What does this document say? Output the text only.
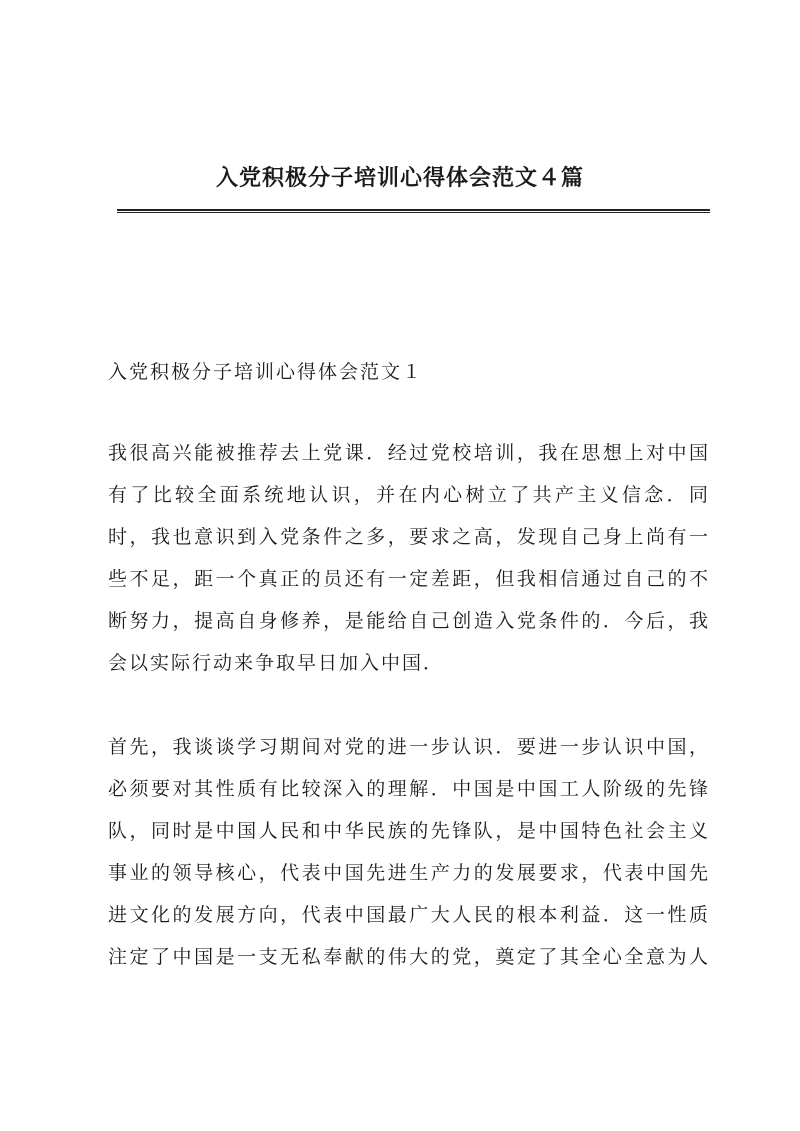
入党积极分子培训心得体会范文４篇
入党积极分子培训心得体会范文１
我很高兴能被推荐去上党课．经过党校培训，我在思想上对中国
有了比较全面系统地认识，并在内心树立了共产主义信念．同
时，我也意识到入党条件之多，要求之高，发现自己身上尚有一
些不足，距一个真正的员还有一定差距，但我相信通过自己的不
断努力，提高自身修养，是能给自己创造入党条件的．今后，我
会以实际行动来争取早日加入中国．
首先，我谈谈学习期间对党的进一步认识．要进一步认识中国，
必须要对其性质有比较深入的理解．中国是中国工人阶级的先锋
队，同时是中国人民和中华民族的先锋队，是中国特色社会主义
事业的领导核心，代表中国先进生产力的发展要求，代表中国先
进文化的发展方向，代表中国最广大人民的根本利益．这一性质
注定了中国是一支无私奉献的伟大的党，奠定了其全心全意为人
